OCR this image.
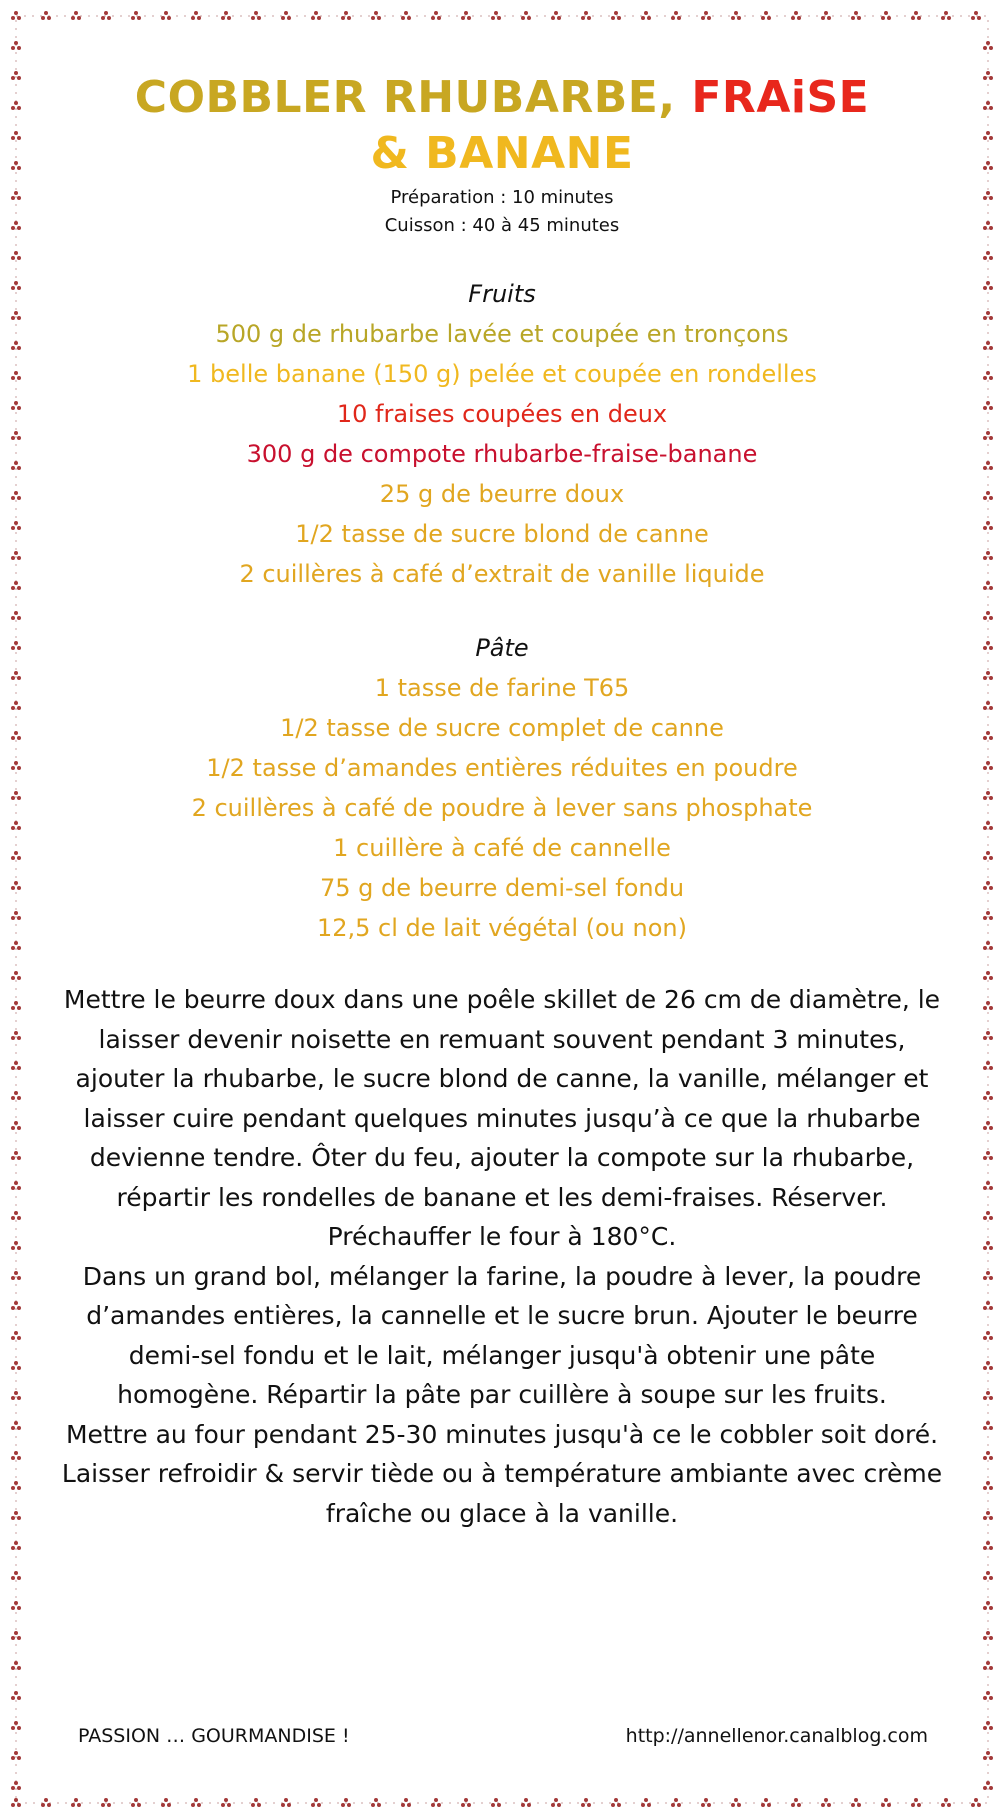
COBBLER RHUBARBE, FRAiSE
& BANANE
Préparation : 10 minutes
Cuisson : 40 à 45 minutes
Fruits

500 g de rhubarbe lavée et coupée en tronçons

1 belle banane (150 g) pelée et coupée en rondelles

10 fraises coupées en deux

300 g de compote rhubarbe-fraise-banane

25 g de beurre doux

1/2 tasse de sucre blond de canne

2 cuillères à café d’extrait de vanille liquide

Pâte

1 tasse de farine T65

1/2 tasse de sucre complet de canne

1/2 tasse d’amandes entières réduites en poudre

2 cuillères à café de poudre à lever sans phosphate

1 cuillère à café de cannelle

75 g de beurre demi-sel fondu

12,5 cl de lait végétal (ou non)

Mettre le beurre doux dans une poêle skillet de 26 cm de diamètre, le laisser devenir noisette en remuant souvent pendant 3 minutes, ajouter la rhubarbe, le sucre blond de canne, la vanille, mélanger et laisser cuire pendant quelques minutes jusqu’à ce que la rhubarbe devienne tendre. Ôter du feu, ajouter la compote sur la rhubarbe, répartir les rondelles de banane et les demi-fraises. Réserver.

Préchauffer le four à 180°C.

Dans un grand bol, mélanger la farine, la poudre à lever, la poudre d’amandes entières, la cannelle et le sucre brun. Ajouter le beurre demi-sel fondu et le lait, mélanger jusqu'à obtenir une pâte homogène. Répartir la pâte par cuillère à soupe sur les fruits.

Mettre au four pendant 25-30 minutes jusqu'à ce le cobbler soit doré.

Laisser refroidir & servir tiède ou à température ambiante avec crème fraîche ou glace à la vanille.

PASSION … GOURMANDISE !	http://annellenor.canalblog.com
